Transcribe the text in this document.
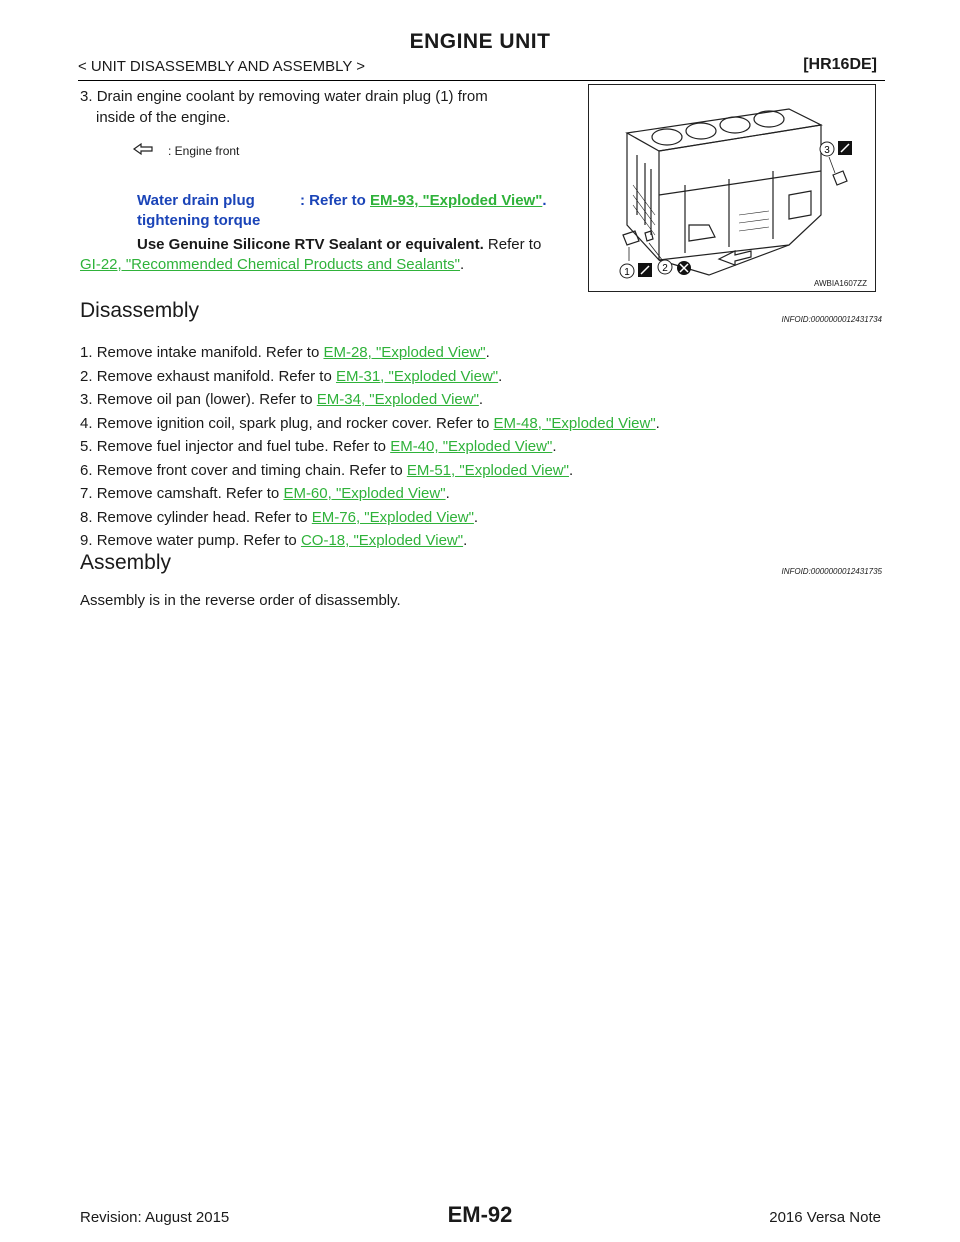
ENGINE UNIT
< UNIT DISASSEMBLY AND ASSEMBLY >	[HR16DE]
3. Drain engine coolant by removing water drain plug (1) from
inside of the engine.
: Engine front
Water drain plug
tightening torque
: Refer to EM-93, "Exploded View".
Use Genuine Silicone RTV Sealant or equivalent. Refer to
GI-22, "Recommended Chemical Products and Sealants".
3
1	2
AWBIA1607ZZ
Disassembly	INFOID:0000000012431734
1. Remove intake manifold. Refer to EM-28, "Exploded View".
2. Remove exhaust manifold. Refer to EM-31, "Exploded View".
3. Remove oil pan (lower). Refer to EM-34, "Exploded View".
4. Remove ignition coil, spark plug, and rocker cover. Refer to EM-48, "Exploded View".
5. Remove fuel injector and fuel tube. Refer to EM-40, "Exploded View".
6. Remove front cover and timing chain. Refer to EM-51, "Exploded View".
7. Remove camshaft. Refer to EM-60, "Exploded View".
8. Remove cylinder head. Refer to EM-76, "Exploded View".
9. Remove water pump. Refer to CO-18, "Exploded View".
Assembly	INFOID:0000000012431735
Assembly is in the reverse order of disassembly.
Revision: August 2015	EM-92	2016 Versa Note
